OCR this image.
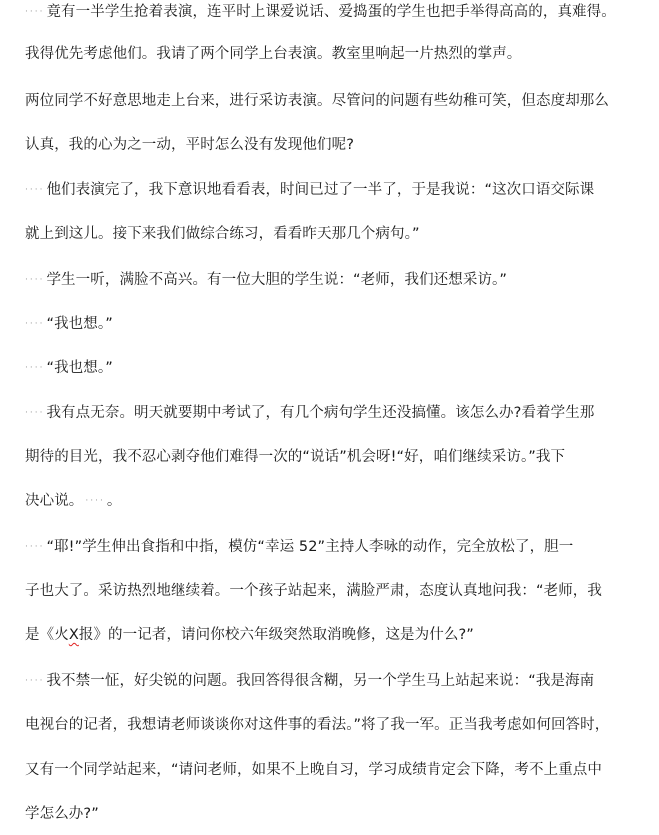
···· 竟有一半学生抢着表演，连平时上课爱说话、爱捣蛋的学生也把手举得高高的，真难得。
我得优先考虑他们。我请了两个同学上台表演。教室里响起一片热烈的掌声。
两位同学不好意思地走上台来，进行采访表演。尽管问的问题有些幼稚可笑，但态度却那么
认真，我的心为之一动，平时怎么没有发现他们呢?
···· 他们表演完了，我下意识地看看表，时间已过了一半了，于是我说：“这次口语交际课
就上到这儿。接下来我们做综合练习，看看昨天那几个病句。”
···· 学生一听，满脸不高兴。有一位大胆的学生说：“老师，我们还想采访。”
···· “我也想。”
···· “我也想。”
···· 我有点无奈。明天就要期中考试了，有几个病句学生还没搞懂。该怎么办?看着学生那
期待的目光，我不忍心剥夺他们难得一次的“说话”机会呀!“好，咱们继续采访。”我下
决心说。 ···· 。
···· “耶!”学生伸出食指和中指，模仿“幸运 52”主持人李咏的动作，完全放松了，胆一
子也大了。采访热烈地继续着。一个孩子站起来，满脸严肃，态度认真地问我：“老师，我
是《火X报》的一记者，请问你校六年级突然取消晚修，这是为什么?”
···· 我不禁一怔，好尖锐的问题。我回答得很含糊，另一个学生马上站起来说：“我是海南
电视台的记者，我想请老师谈谈你对这件事的看法。”将了我一军。正当我考虑如何回答时，
又有一个同学站起来，“请问老师，如果不上晚自习，学习成绩肯定会下降，考不上重点中
学怎么办?”
